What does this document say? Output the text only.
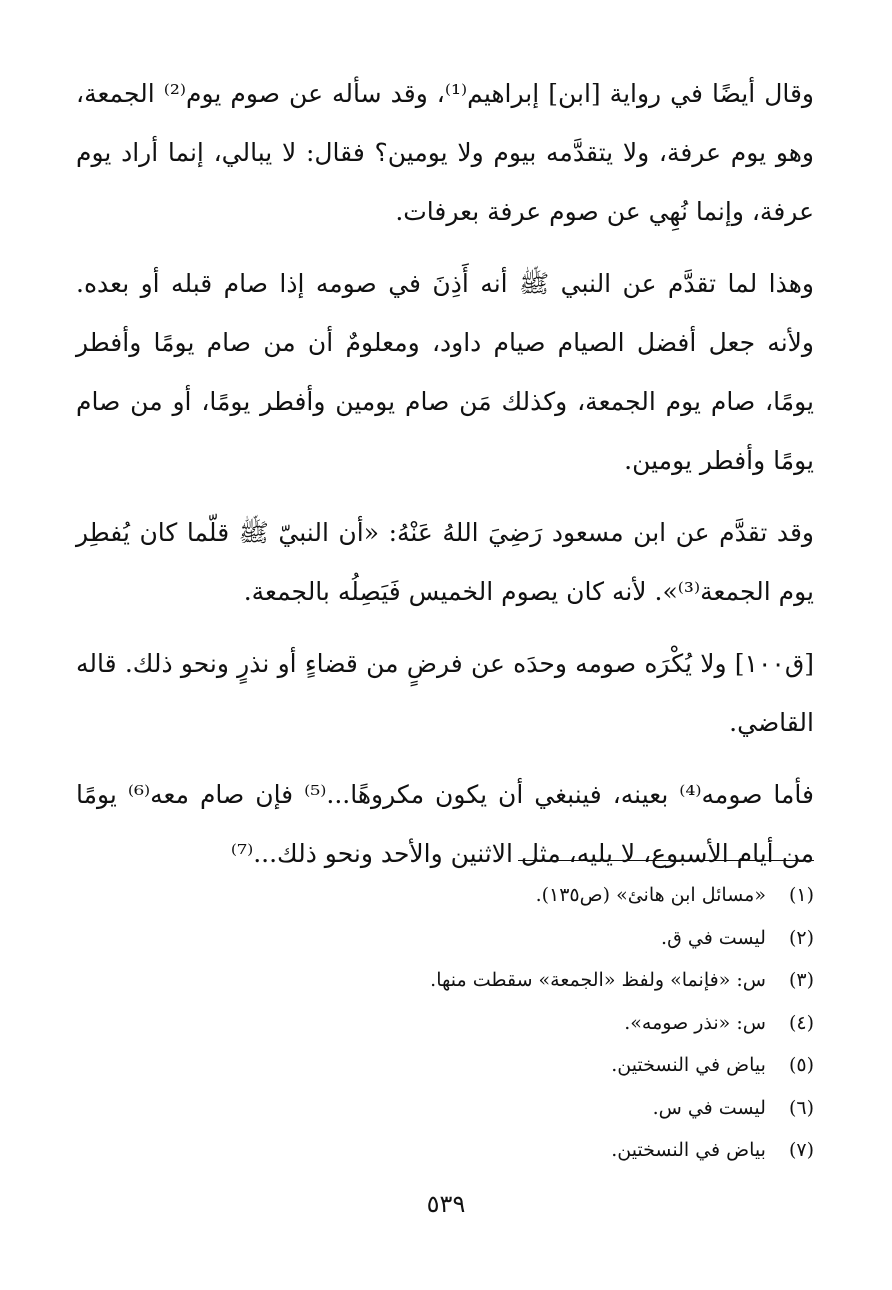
وقال أيضًا في رواية [ابن] إبراهيم⁽¹⁾، وقد سأله عن صوم يوم⁽²⁾ الجمعة، وهو يوم عرفة، ولا يتقدَّمه بيوم ولا يومين؟ فقال: لا يبالي، إنما أراد يوم عرفة، وإنما نُهِي عن صوم عرفة بعرفات.

وهذا لما تقدَّم عن النبي ﷺ أنه أَذِنَ في صومه إذا صام قبله أو بعده. ولأنه جعل أفضل الصيام صيام داود، ومعلومٌ أن من صام يومًا وأفطر يومًا، صام يوم الجمعة، وكذلك مَن صام يومين وأفطر يومًا، أو من صام يومًا وأفطر يومين.

وقد تقدَّم عن ابن مسعود رَضِيَ اللهُ عَنْهُ: «أن النبيّ ﷺ قلّما كان يُفطِر يوم الجمعة⁽³⁾». لأنه كان يصوم الخميس فَيَصِلُه بالجمعة.

[ق١٠٠] ولا يُكْرَه صومه وحدَه عن فرضٍ من قضاءٍ أو نذرٍ ونحو ذلك. قاله القاضي.

فأما صومه⁽⁴⁾ بعينه، فينبغي أن يكون مكروهًا...⁽⁵⁾ فإن صام معه⁽⁶⁾ يومًا من أيام الأسبوع، لا يليه، مثل الاثنين والأحد ونحو ذلك...⁽⁷⁾

(١) «مسائل ابن هانئ» (ص١٣٥).
(٢) ليست في ق.
(٣) س: «فإنما» ولفظ «الجمعة» سقطت منها.
(٤) س: «نذر صومه».
(٥) بياض في النسختين.
(٦) ليست في س.
(٧) بياض في النسختين.
٥٣٩
